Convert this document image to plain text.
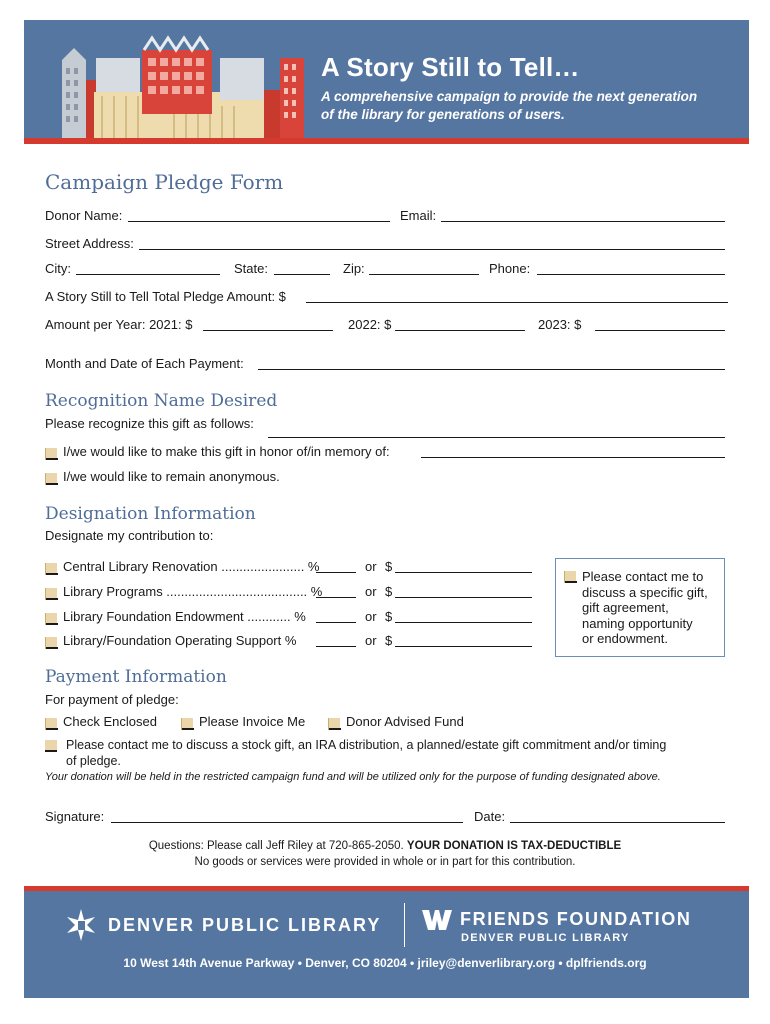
A Story Still to Tell…
A comprehensive campaign to provide the next generation
of the library for generations of users.
Campaign Pledge Form
Donor Name:	Email:
Street Address:
City:	State:	Zip:	Phone:
A Story Still to Tell Total Pledge Amount: $
Amount per Year: 2021: $	2022: $	2023: $
Month and Date of Each Payment:
Recognition Name Desired
Please recognize this gift as follows:
I/we would like to make this gift in honor of/in memory of:
I/we would like to remain anonymous.
Designation Information
Designate my contribution to:
Central Library Renovation ....................... %	or $
Library Programs ....................................... %	or $
Library Foundation Endowment ............ %	or $
Library/Foundation Operating Support %	or $
Please contact me to
discuss a specific gift,
gift agreement,
naming opportunity
or endowment.
Payment Information
For payment of pledge:
Check Enclosed	Please Invoice Me	Donor Advised Fund
Please contact me to discuss a stock gift, an IRA distribution, a planned/estate gift commitment and/or timing
of pledge.
Your donation will be held in the restricted campaign fund and will be utilized only for the purpose of funding designated above.
Signature:	Date:
Questions: Please call Jeff Riley at 720-865-2050. YOUR DONATION IS TAX-DEDUCTIBLE
No goods or services were provided in whole or in part for this contribution.
DENVER PUBLIC LIBRARY	FRIENDS FOUNDATION
DENVER PUBLIC LIBRARY
10 West 14th Avenue Parkway • Denver, CO 80204 • jriley@denverlibrary.org • dplfriends.org
